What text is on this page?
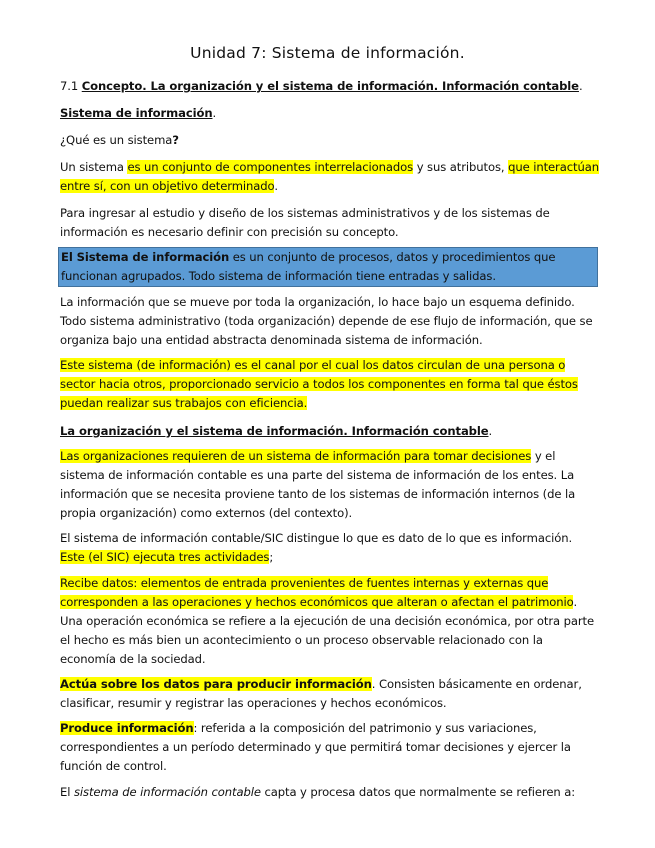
Unidad 7: Sistema de información.

7.1 Concepto. La organización y el sistema de información. Información contable.

Sistema de información.

¿Qué es un sistema?

Un sistema es un conjunto de componentes interrelacionados y sus atributos, que interactúan entre sí, con un objetivo determinado.

Para ingresar al estudio y diseño de los sistemas administrativos y de los sistemas de información es necesario definir con precisión su concepto.

El Sistema de información es un conjunto de procesos, datos y procedimientos que funcionan agrupados. Todo sistema de información tiene entradas y salidas.

La información que se mueve por toda la organización, lo hace bajo un esquema definido. Todo sistema administrativo (toda organización) depende de ese flujo de información, que se organiza bajo una entidad abstracta denominada sistema de información.

Este sistema (de información) es el canal por el cual los datos circulan de una persona o sector hacia otros, proporcionado servicio a todos los componentes en forma tal que éstos puedan realizar sus trabajos con eficiencia.

La organización y el sistema de información. Información contable.

Las organizaciones requieren de un sistema de información para tomar decisiones y el sistema de información contable es una parte del sistema de información de los entes. La información que se necesita proviene tanto de los sistemas de información internos (de la propia organización) como externos (del contexto).

El sistema de información contable/SIC distingue lo que es dato de lo que es información. Este (el SIC) ejecuta tres actividades;

Recibe datos: elementos de entrada provenientes de fuentes internas y externas que corresponden a las operaciones y hechos económicos que alteran o afectan el patrimonio. Una operación económica se refiere a la ejecución de una decisión económica, por otra parte el hecho es más bien un acontecimiento o un proceso observable relacionado con la economía de la sociedad.

Actúa sobre los datos para producir información. Consisten básicamente en ordenar, clasificar, resumir y registrar las operaciones y hechos económicos.

Produce información: referida a la composición del patrimonio y sus variaciones, correspondientes a un período determinado y que permitirá tomar decisiones y ejercer la función de control.

El sistema de información contable capta y procesa datos que normalmente se refieren a:
